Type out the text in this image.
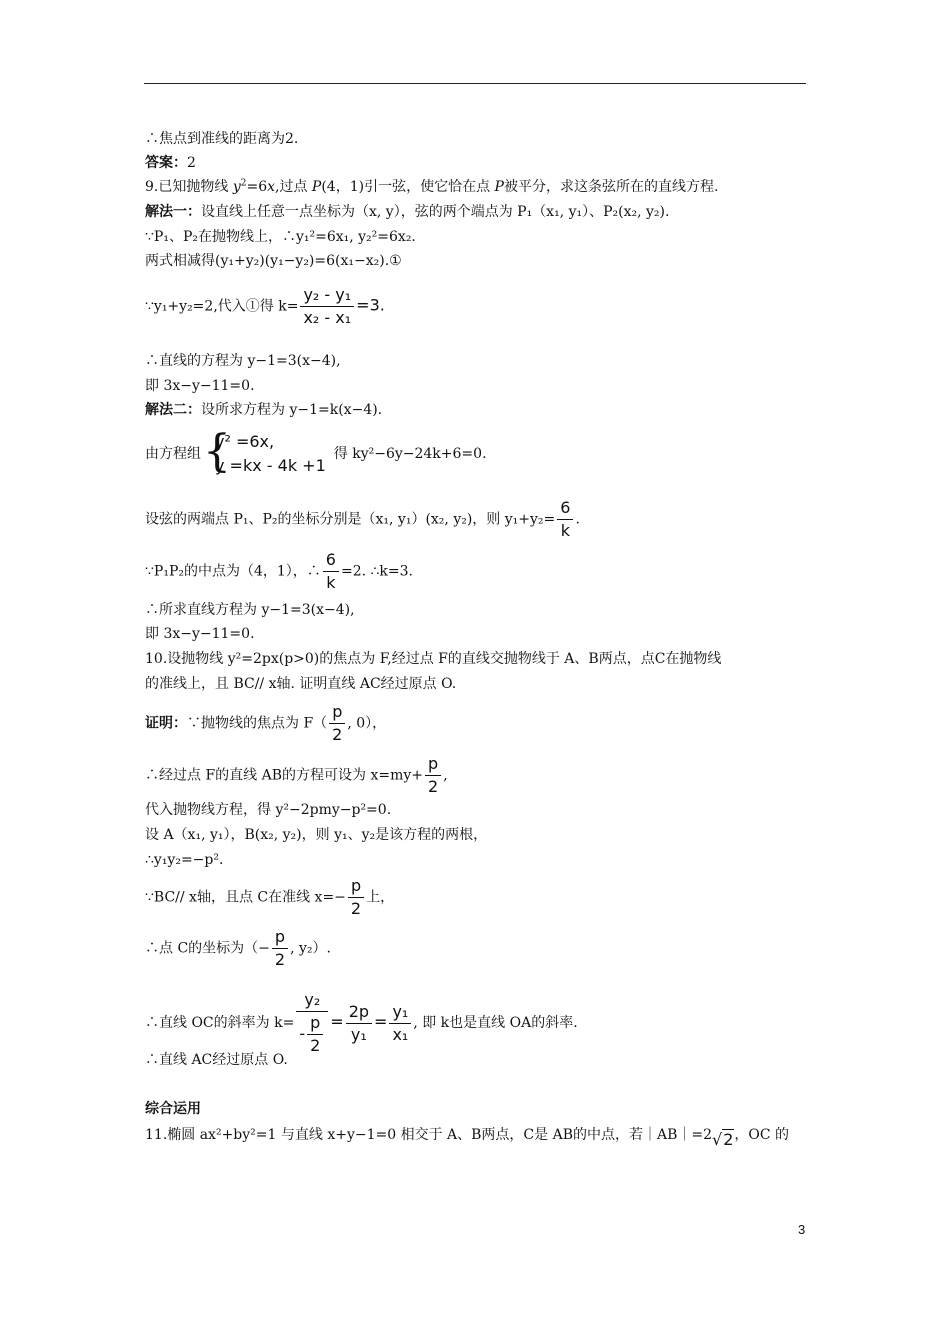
∴焦点到准线的距离为2.
答案：2
9.已知抛物线 $y^2=6x$,过点 P(4，1)引一弦，使它恰在点 P被平分，求这条弦所在的直线方程.
解法一：设直线上任意一点坐标为（x, y），弦的两个端点为 P₁（x₁, y₁）、P₂(x₂, y₂).
∵P₁、P₂在抛物线上，∴y₁²=6x₁, y₂²=6x₂.
两式相减得(y₁+y₂)(y₁−y₂)=6(x₁−x₂).①
∵y₁+y₂=2,代入①得 $k= \frac{\text{y₂ - y₁}}{\text{x₂ - x₁}} =3$.
∴直线的方程为 y−1=3(x−4),
即 3x−y−11=0.
解法二：设所求方程为 y−1=k(x−4).
由方程组 {
y² =6x,
y =kx - 4k +1
得 ky²−6y−24k+6=0.
设弦的两端点 P₁、P₂的坐标分别是（x₁, y₁）(x₂, y₂)，则 $y_1+y_2= \frac{6}{k}$ .
∵P₁P₂的中点为（4，1），∴ $\frac{6}{k} =2$. ∴k=3.
∴所求直线方程为 y−1=3(x−4),
即 3x−y−11=0.
10.设抛物线 y²=2px(p>0)的焦点为 F,经过点 F的直线交抛物线于 A、B两点，点C在抛物线
的准线上，且 BC// x轴. 证明直线 AC经过原点 O.
证明：∵抛物线的焦点为 $F( \frac{p}{2}$ , 0），
∴经过点 F的直线 AB的方程可设为 $x=my+ \frac{p}{2}$ ,
代入抛物线方程，得 y²−2pmy−p²=0.
设 A（x₁, y₁），B(x₂, y₂)，则 y₁、y₂是该方程的两根，
∴y₁y₂=−p².
∵BC// x轴，且点 C在准线 $x=- \frac{p}{2}$ 上，
∴点 C的坐标为（− $\frac{p}{2}$ , y₂）.
∴直线 OC的斜率为 $k= \frac{\text{y₂}}{- \frac{p}{2}} = \frac{2p}{\text{y₁}} = \frac{\text{y₁}}{\text{x₁}}$ , 即 k也是直线 OA的斜率.
∴直线 AC经过原点 O.
综合运用
11.椭圆 ax²+by²=1 与直线 x+y−1=0 相交于 A、B两点，C是 AB的中点，若｜AB｜=2√2，OC 的
3
